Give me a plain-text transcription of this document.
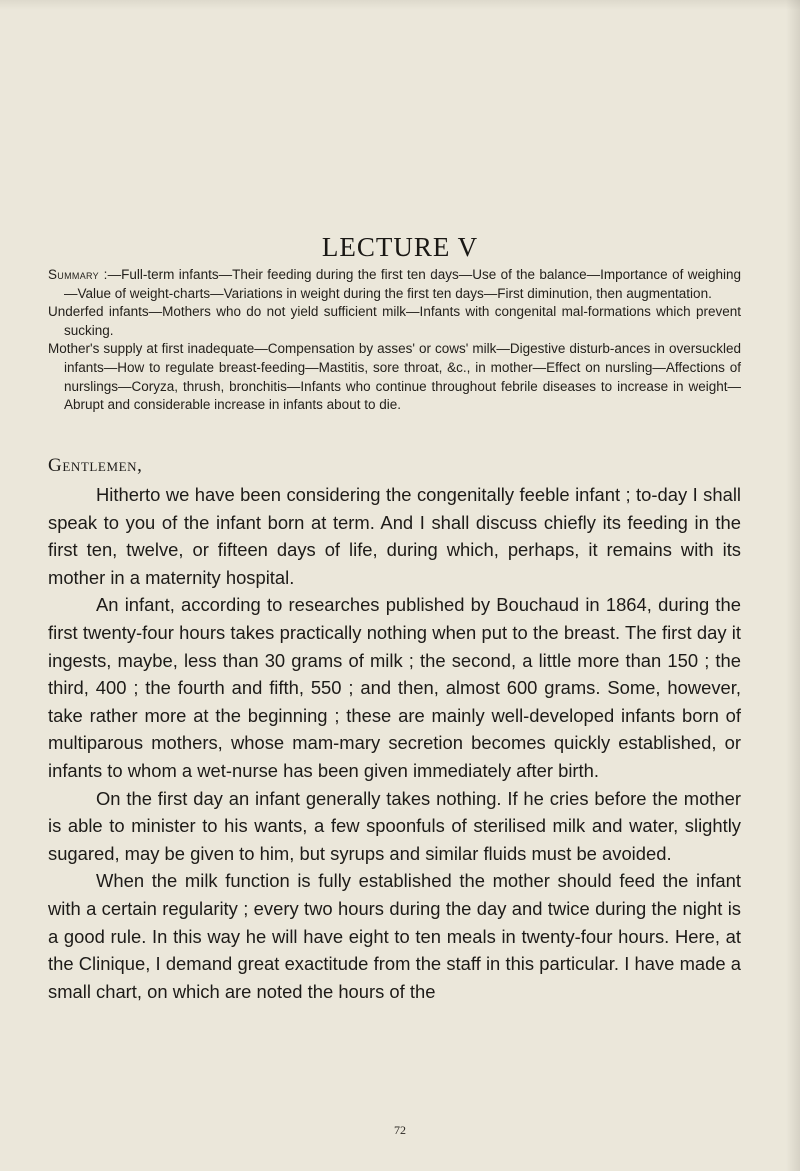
LECTURE V

Summary :—Full-term infants—Their feeding during the first ten days—Use of the balance—Importance of weighing—Value of weight-charts—Variations in weight during the first ten days—First diminution, then augmentation.

Underfed infants—Mothers who do not yield sufficient milk—Infants with congenital mal-formations which prevent sucking.

Mother's supply at first inadequate—Compensation by asses' or cows' milk—Digestive disturb-ances in oversuckled infants—How to regulate breast-feeding—Mastitis, sore throat, &c., in mother—Effect on nursling—Affections of nurslings—Coryza, thrush, bronchitis—Infants who continue throughout febrile diseases to increase in weight—Abrupt and considerable increase in infants about to die.

Gentlemen,

Hitherto we have been considering the congenitally feeble infant ; to-day I shall speak to you of the infant born at term. And I shall discuss chiefly its feeding in the first ten, twelve, or fifteen days of life, during which, perhaps, it remains with its mother in a maternity hospital.

An infant, according to researches published by Bouchaud in 1864, during the first twenty-four hours takes practically nothing when put to the breast. The first day it ingests, maybe, less than 30 grams of milk ; the second, a little more than 150 ; the third, 400 ; the fourth and fifth, 550 ; and then, almost 600 grams. Some, however, take rather more at the beginning ; these are mainly well-developed infants born of multiparous mothers, whose mam-mary secretion becomes quickly established, or infants to whom a wet-nurse has been given immediately after birth.

On the first day an infant generally takes nothing. If he cries before the mother is able to minister to his wants, a few spoonfuls of sterilised milk and water, slightly sugared, may be given to him, but syrups and similar fluids must be avoided.

When the milk function is fully established the mother should feed the infant with a certain regularity ; every two hours during the day and twice during the night is a good rule. In this way he will have eight to ten meals in twenty-four hours. Here, at the Clinique, I demand great exactitude from the staff in this particular. I have made a small chart, on which are noted the hours of the

72
